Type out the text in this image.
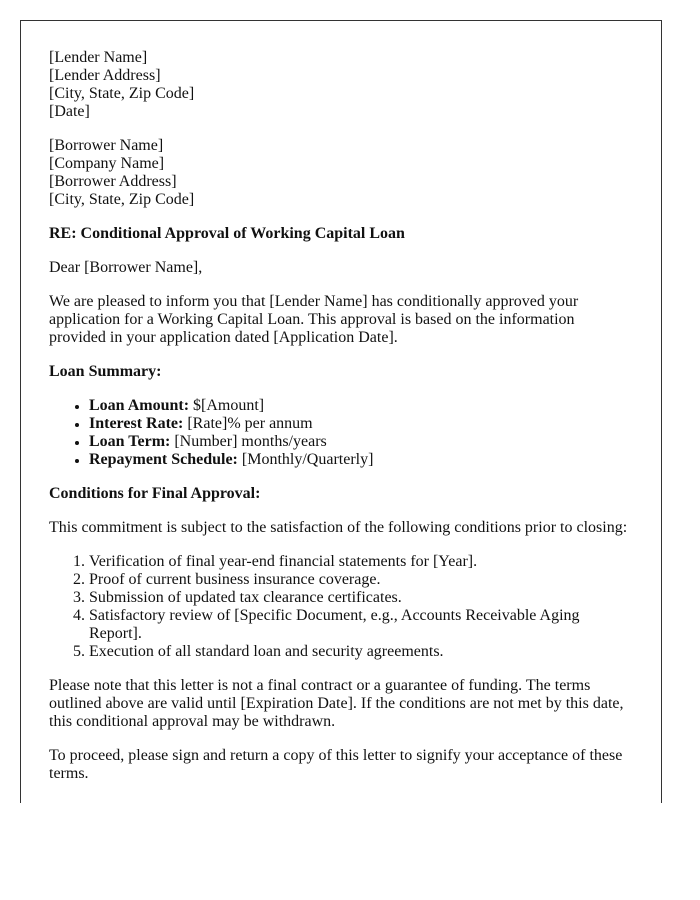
[Lender Name]
[Lender Address]
[City, State, Zip Code]
[Date]
[Borrower Name]
[Company Name]
[Borrower Address]
[City, State, Zip Code]

RE: Conditional Approval of Working Capital Loan

Dear [Borrower Name],

We are pleased to inform you that [Lender Name] has conditionally approved your application for a Working Capital Loan. This approval is based on the information provided in your application dated [Application Date].

Loan Summary:

• Loan Amount: $[Amount]
• Interest Rate: [Rate]% per annum
• Loan Term: [Number] months/years
• Repayment Schedule: [Monthly/Quarterly]

Conditions for Final Approval:

This commitment is subject to the satisfaction of the following conditions prior to closing:

1. Verification of final year-end financial statements for [Year].
2. Proof of current business insurance coverage.
3. Submission of updated tax clearance certificates.
4. Satisfactory review of [Specific Document, e.g., Accounts Receivable Aging Report].
5. Execution of all standard loan and security agreements.

Please note that this letter is not a final contract or a guarantee of funding. The terms outlined above are valid until [Expiration Date]. If the conditions are not met by this date, this conditional approval may be withdrawn.

To proceed, please sign and return a copy of this letter to signify your acceptance of these terms.
